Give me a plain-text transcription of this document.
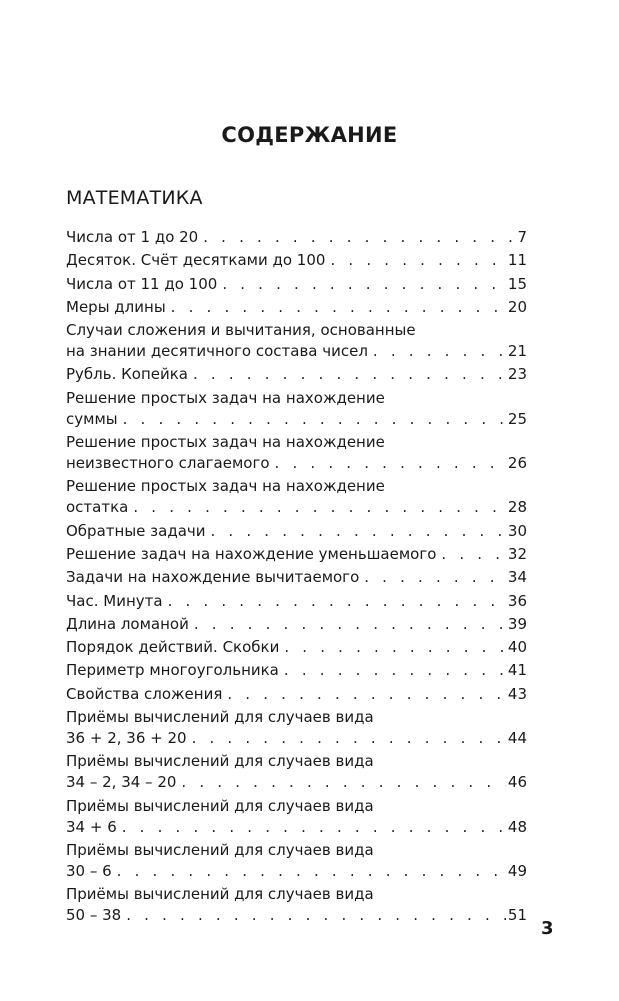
СОДЕРЖАНИЕ
МАТЕМАТИКА
Числа от 1 до 20 . . .	7
Десяток. Счёт десятками до 100 . . .	11
Числа от 11 до 100 . . .	15
Меры длины . . .	20
Случаи сложения и вычитания, основанные
на знании десятичного состава чисел . . .	21
Рубль. Копейка . . .	23
Решение простых задач на нахождение
суммы . . .	25
Решение простых задач на нахождение
неизвестного слагаемого . . .	26
Решение простых задач на нахождение
остатка . . .	28
Обратные задачи . . .	30
Решение задач на нахождение уменьшаемого . . .	32
Задачи на нахождение вычитаемого . . .	34
Час. Минута . . .	36
Длина ломаной . . .	39
Порядок действий. Скобки . . .	40
Периметр многоугольника . . .	41
Свойства сложения . . .	43
Приёмы вычислений для случаев вида
36 + 2, 36 + 20 . . .	44
Приёмы вычислений для случаев вида
34 – 2, 34 – 20 . . .	46
Приёмы вычислений для случаев вида
34 + 6 . . .	48
Приёмы вычислений для случаев вида
30 – 6 . . .	49
Приёмы вычислений для случаев вида
50 – 38 . . .	51
3
